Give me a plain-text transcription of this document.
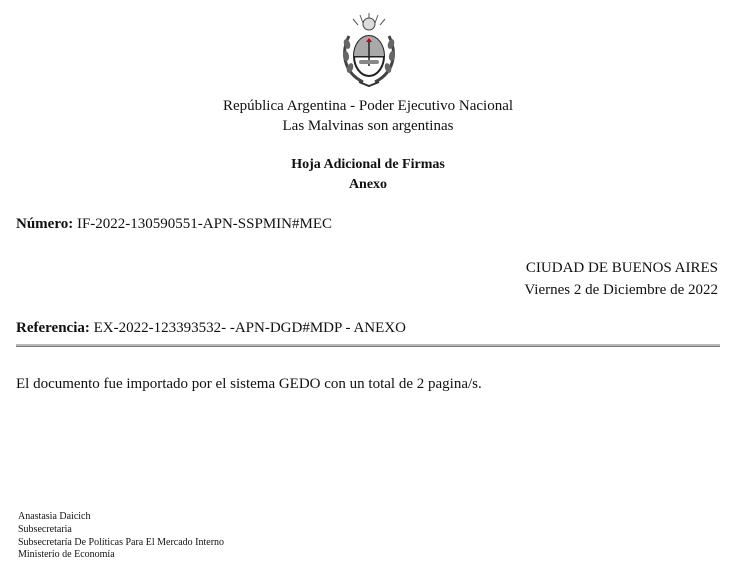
República Argentina - Poder Ejecutivo Nacional
Las Malvinas son argentinas
Hoja Adicional de Firmas
Anexo
Número: IF-2022-130590551-APN-SSPMIN#MEC
CIUDAD DE BUENOS AIRES
Viernes 2 de Diciembre de 2022
Referencia: EX-2022-123393532- -APN-DGD#MDP - ANEXO
El documento fue importado por el sistema GEDO con un total de 2 pagina/s.
Anastasia Daicich
Subsecretaria
Subsecretaría De Políticas Para El Mercado Interno
Ministerio de Economía
